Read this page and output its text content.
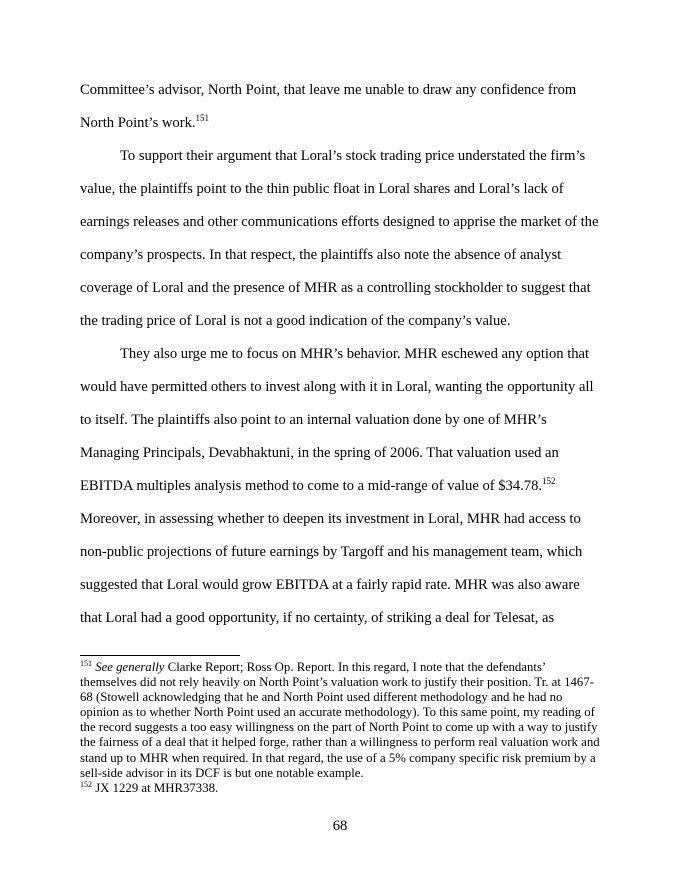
Committee’s advisor, North Point, that leave me unable to draw any confidence from North Point’s work.$^{151}$

To support their argument that Loral’s stock trading price understated the firm’s value, the plaintiffs point to the thin public float in Loral shares and Loral’s lack of earnings releases and other communications efforts designed to apprise the market of the company’s prospects. In that respect, the plaintiffs also note the absence of analyst coverage of Loral and the presence of MHR as a controlling stockholder to suggest that the trading price of Loral is not a good indication of the company’s value.

They also urge me to focus on MHR’s behavior. MHR eschewed any option that would have permitted others to invest along with it in Loral, wanting the opportunity all to itself. The plaintiffs also point to an internal valuation done by one of MHR’s Managing Principals, Devabhaktuni, in the spring of 2006. That valuation used an EBITDA multiples analysis method to come to a mid-range of value of $34.78.$^{152}$ Moreover, in assessing whether to deepen its investment in Loral, MHR had access to non-public projections of future earnings by Targoff and his management team, which suggested that Loral would grow EBITDA at a fairly rapid rate. MHR was also aware that Loral had a good opportunity, if no certainty, of striking a deal for Telesat, as

$^{151}$ See generally Clarke Report; Ross Op. Report. In this regard, I note that the defendants’ themselves did not rely heavily on North Point’s valuation work to justify their position. Tr. at 1467-68 (Stowell acknowledging that he and North Point used different methodology and he had no opinion as to whether North Point used an accurate methodology). To this same point, my reading of the record suggests a too easy willingness on the part of North Point to come up with a way to justify the fairness of a deal that it helped forge, rather than a willingness to perform real valuation work and stand up to MHR when required. In that regard, the use of a 5% company specific risk premium by a sell-side advisor in its DCF is but one notable example.

$^{152}$ JX 1229 at MHR37338.

68
